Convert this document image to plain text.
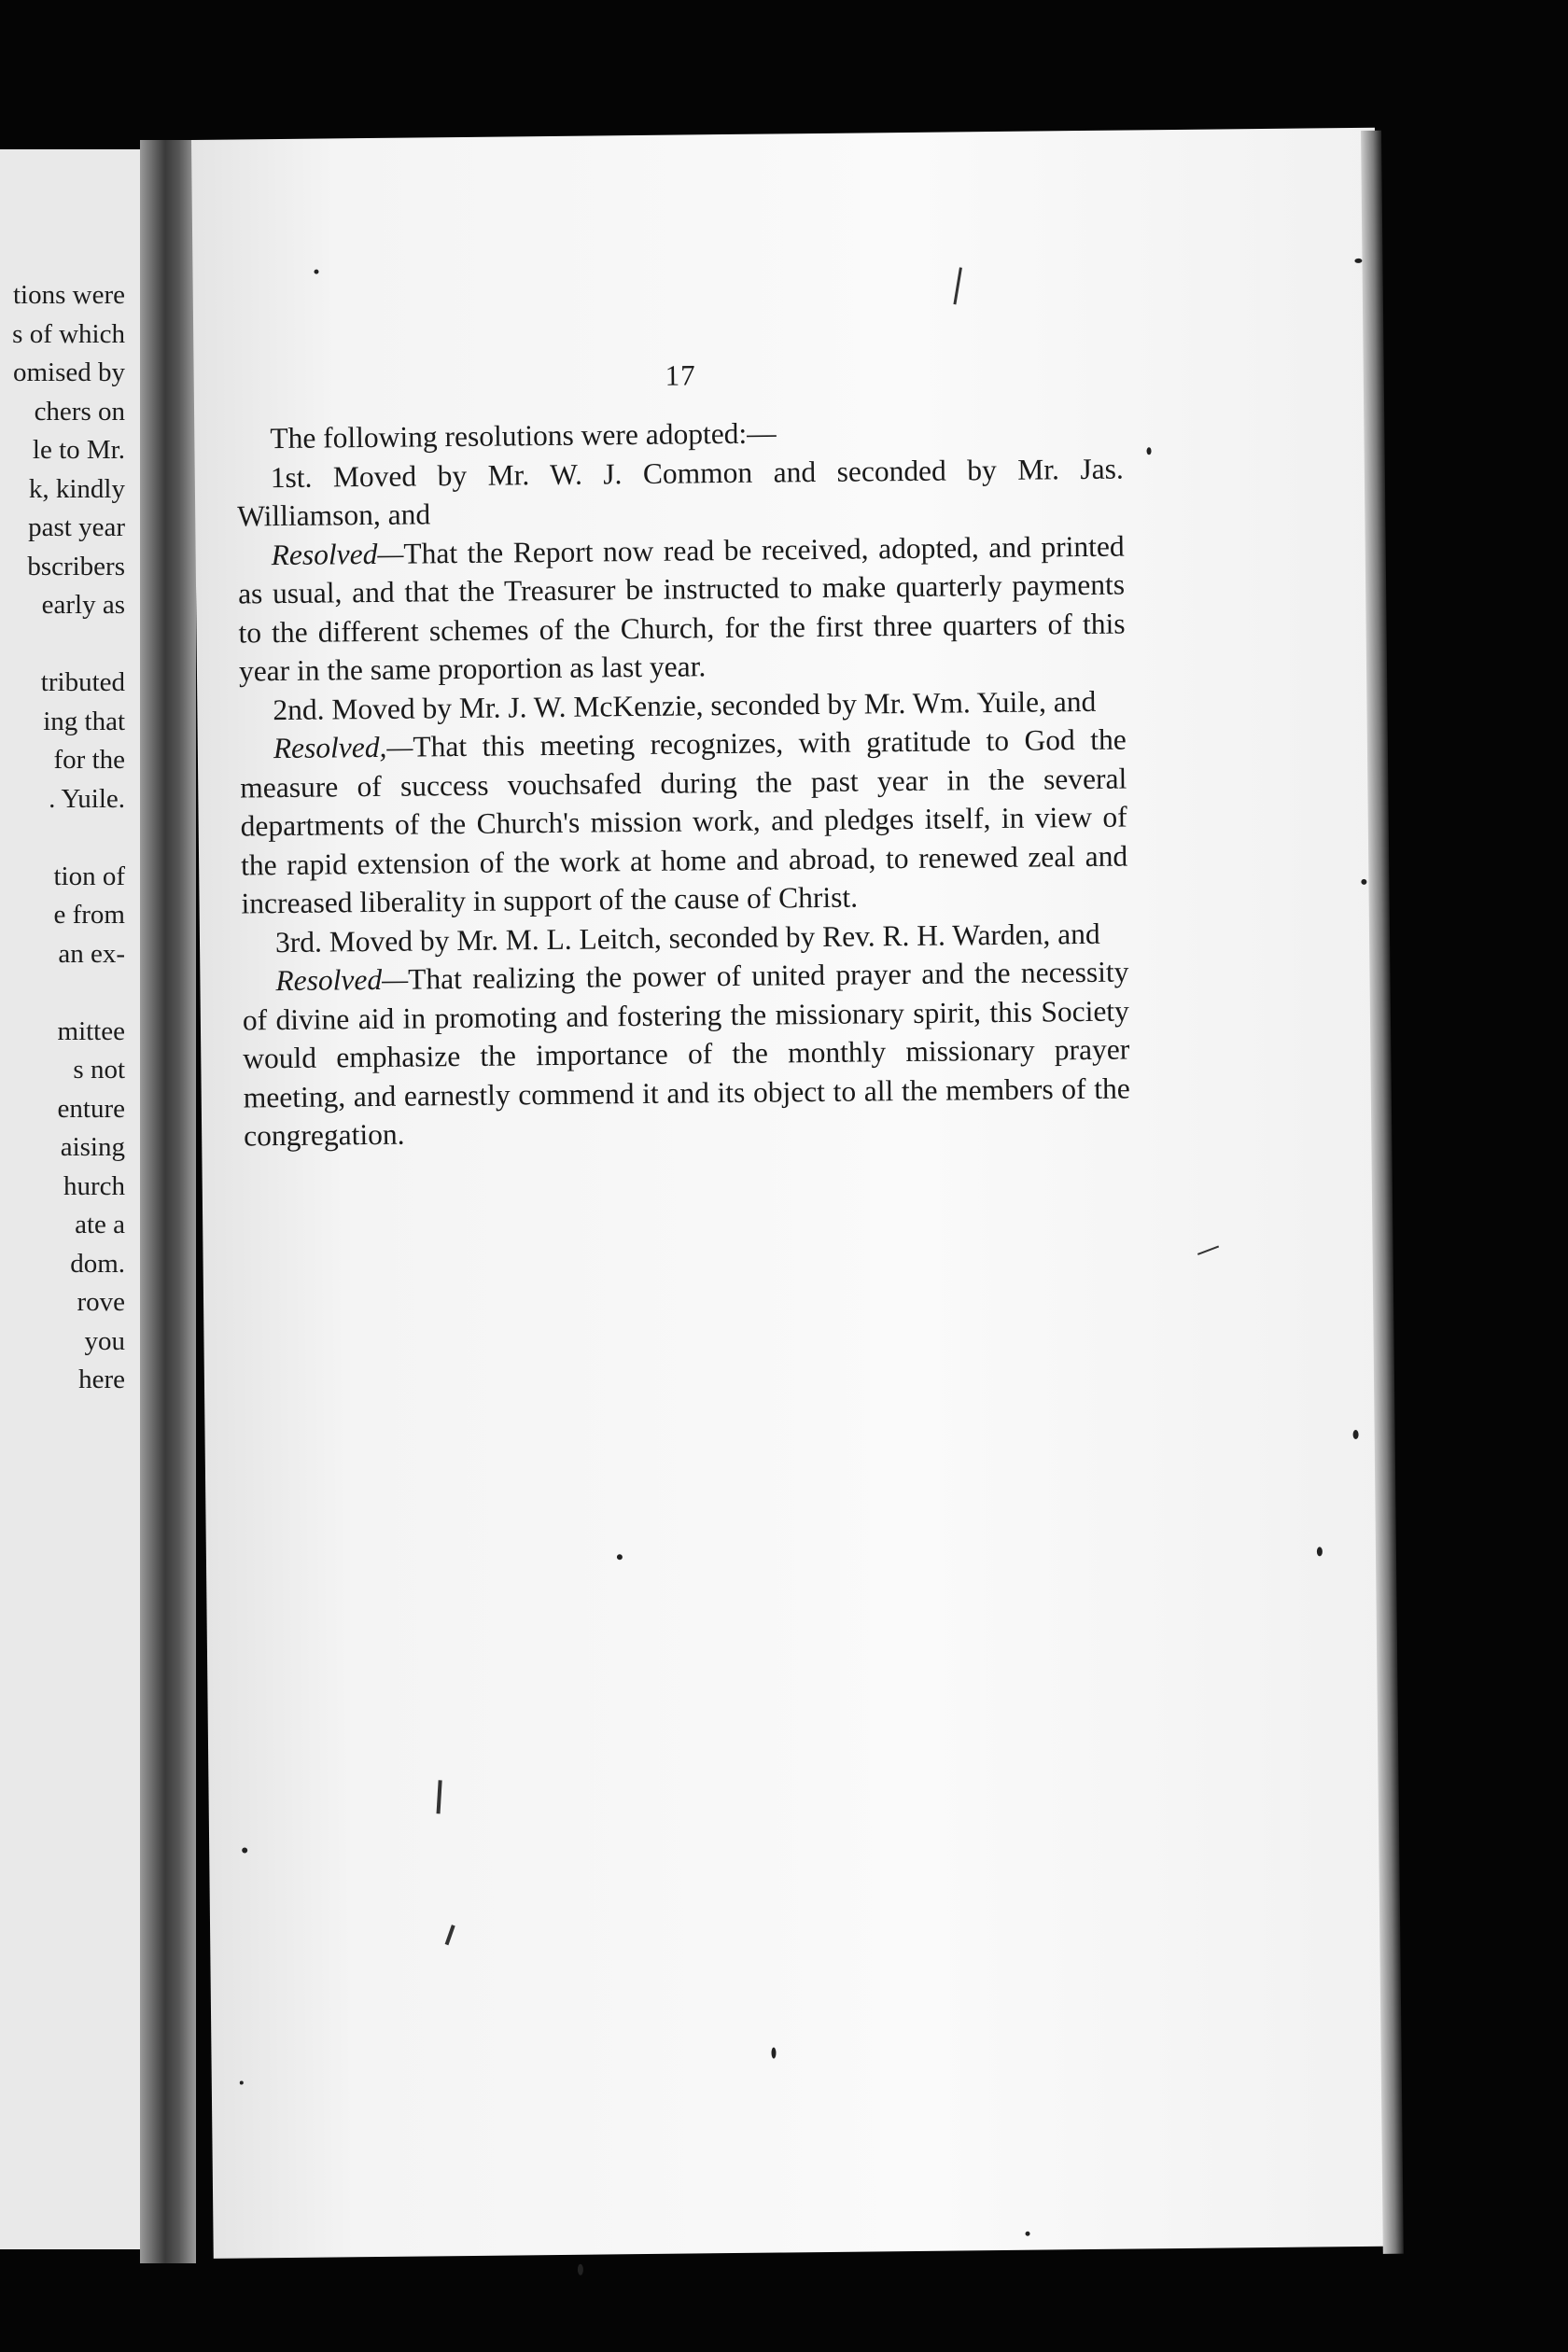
tions were
s of which
omised by
chers on
le to Mr.
k, kindly
past year
bscribers
early as
tributed
ing that
for the
. Yuile.
tion of
e from
an ex-
mittee
s not
enture
aising
hurch
ate a
dom.
rove
you
here
17

The following resolutions were adopted:—

1st. Moved by Mr. W. J. Common and seconded by Mr. Jas. Williamson, and

Resolved—That the Report now read be received, adopted, and printed as usual, and that the Treasurer be instructed to make quarterly payments to the different schemes of the Church, for the first three quarters of this year in the same proportion as last year.

2nd. Moved by Mr. J. W. McKenzie, seconded by Mr. Wm. Yuile, and

Resolved,—That this meeting recognizes, with gratitude to God the measure of success vouchsafed during the past year in the several departments of the Church's mission work, and pledges itself, in view of the rapid extension of the work at home and abroad, to renewed zeal and increased liberality in support of the cause of Christ.

3rd. Moved by Mr. M. L. Leitch, seconded by Rev. R. H. Warden, and

Resolved—That realizing the power of united prayer and the necessity of divine aid in promoting and fostering the missionary spirit, this Society would emphasize the importance of the monthly missionary prayer meeting, and earnestly commend it and its object to all the members of the congregation.
